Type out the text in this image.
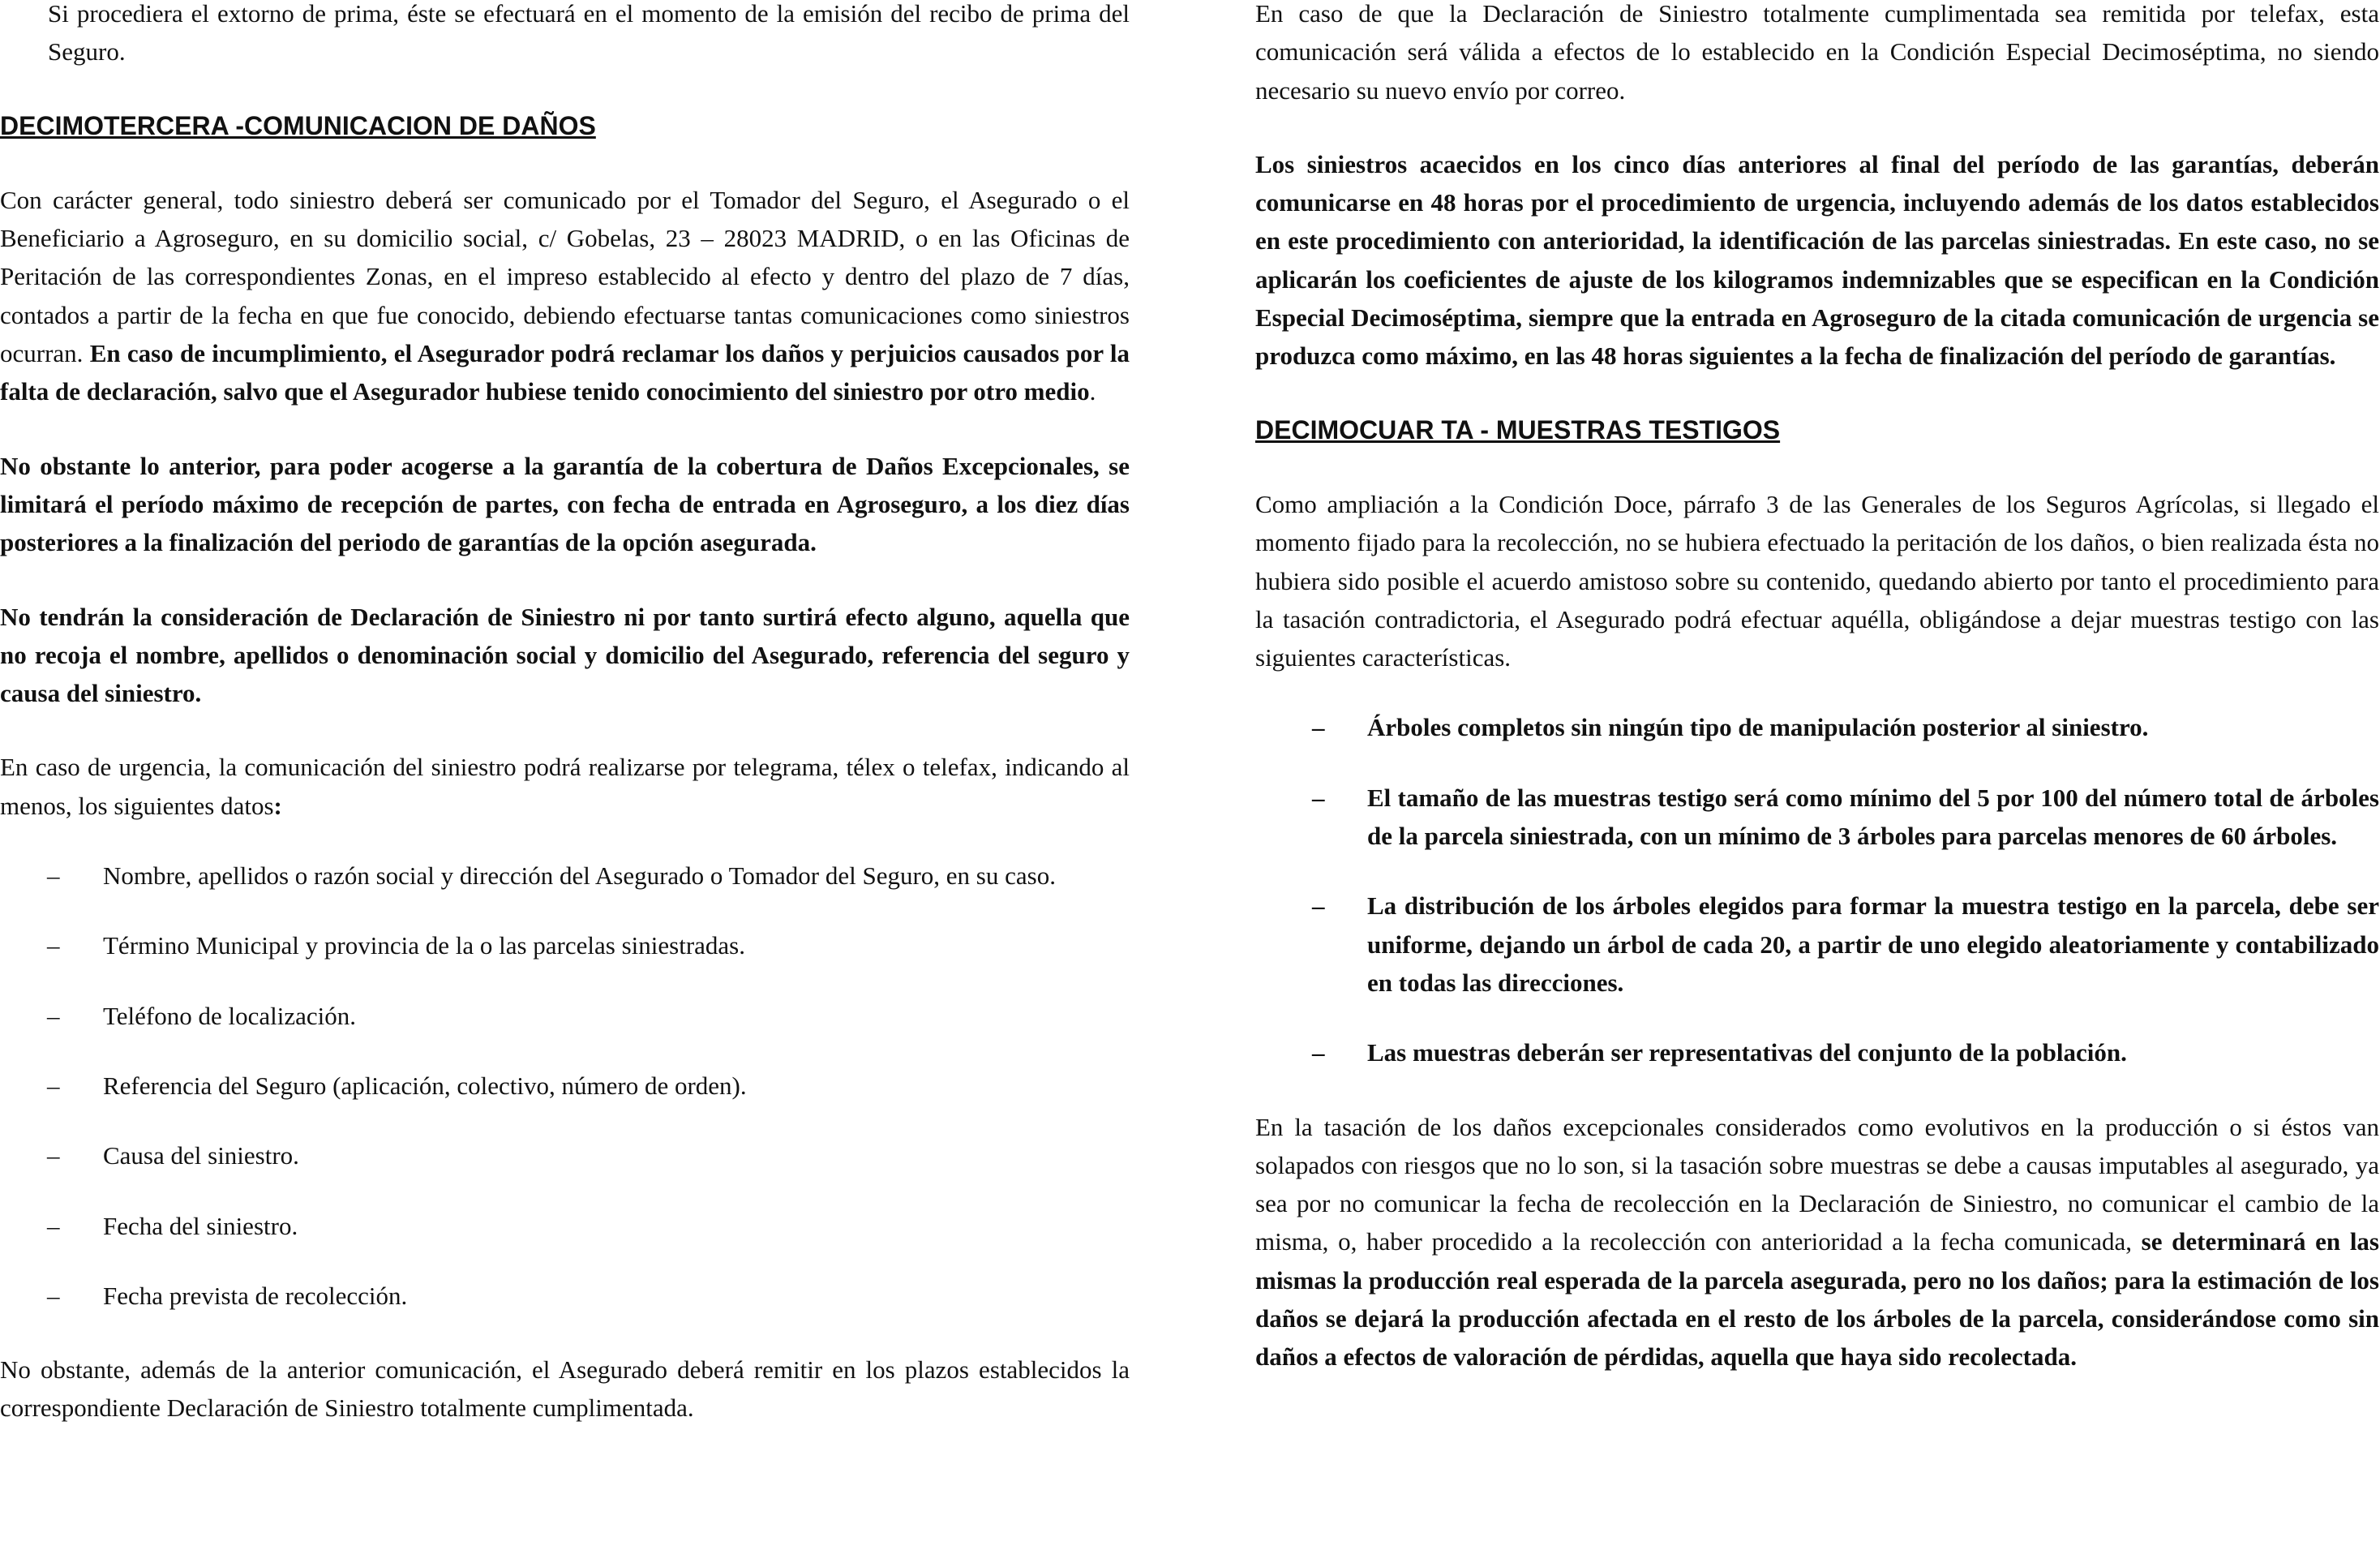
Si procediera el extorno de prima, éste se efectuará en el momento de la emisión del recibo de prima del Seguro.

DECIMOTERCERA -COMUNICACION DE DAÑOS

Con carácter general, todo siniestro deberá ser comunicado por el Tomador del Seguro, el Asegurado o el Beneficiario a Agroseguro, en su domicilio social, c/ Gobelas, 23 – 28023 MADRID, o en las Oficinas de Peritación de las correspondientes Zonas, en el impreso establecido al efecto y dentro del plazo de 7 días, contados a partir de la fecha en que fue conocido, debiendo efectuarse tantas comunicaciones como siniestros ocurran. En caso de incumplimiento, el Asegurador podrá reclamar los daños y perjuicios causados por la falta de declaración, salvo que el Asegurador hubiese tenido conocimiento del siniestro por otro medio.

No obstante lo anterior, para poder acogerse a la garantía de la cobertura de Daños Excepcionales, se limitará el período máximo de recepción de partes, con fecha de entrada en Agroseguro, a los diez días posteriores a la finalización del periodo de garantías de la opción asegurada.

No tendrán la consideración de Declaración de Siniestro ni por tanto surtirá efecto alguno, aquella que no recoja el nombre, apellidos o denominación social y domicilio del Asegurado, referencia del seguro y causa del siniestro.

En caso de urgencia, la comunicación del siniestro podrá realizarse por telegrama, télex o telefax, indicando al menos, los siguientes datos:

– Nombre, apellidos o razón social y dirección del Asegurado o Tomador del Seguro, en su caso.
– Término Municipal y provincia de la o las parcelas siniestradas.
– Teléfono de localización.
– Referencia del Seguro (aplicación, colectivo, número de orden).
– Causa del siniestro.
– Fecha del siniestro.
– Fecha prevista de recolección.

No obstante, además de la anterior comunicación, el Asegurado deberá remitir en los plazos establecidos la correspondiente Declaración de Siniestro totalmente cumplimentada.

En caso de que la Declaración de Siniestro totalmente cumplimentada sea remitida por telefax, esta comunicación será válida a efectos de lo establecido en la Condición Especial Decimoséptima, no siendo necesario su nuevo envío por correo.

Los siniestros acaecidos en los cinco días anteriores al final del período de las garantías, deberán comunicarse en 48 horas por el procedimiento de urgencia, incluyendo además de los datos establecidos en este procedimiento con anterioridad, la identificación de las parcelas siniestradas. En este caso, no se aplicarán los coeficientes de ajuste de los kilogramos indemnizables que se especifican en la Condición Especial Decimoséptima, siempre que la entrada en Agroseguro de la citada comunicación de urgencia se produzca como máximo, en las 48 horas siguientes a la fecha de finalización del período de garantías.

DECIMOCUAR TA - MUESTRAS TESTIGOS

Como ampliación a la Condición Doce, párrafo 3 de las Generales de los Seguros Agrícolas, si llegado el momento fijado para la recolección, no se hubiera efectuado la peritación de los daños, o bien realizada ésta no hubiera sido posible el acuerdo amistoso sobre su contenido, quedando abierto por tanto el procedimiento para la tasación contradictoria, el Asegurado podrá efectuar aquélla, obligándose a dejar muestras testigo con las siguientes características.

– Árboles completos sin ningún tipo de manipulación posterior al siniestro.
– El tamaño de las muestras testigo será como mínimo del 5 por 100 del número total de árboles de la parcela siniestrada, con un mínimo de 3 árboles para parcelas menores de 60 árboles.
– La distribución de los árboles elegidos para formar la muestra testigo en la parcela, debe ser uniforme, dejando un árbol de cada 20, a partir de uno elegido aleatoriamente y contabilizado en todas las direcciones.
– Las muestras deberán ser representativas del conjunto de la población.

En la tasación de los daños excepcionales considerados como evolutivos en la producción o si éstos van solapados con riesgos que no lo son, si la tasación sobre muestras se debe a causas imputables al asegurado, ya sea por no comunicar la fecha de recolección en la Declaración de Siniestro, no comunicar el cambio de la misma, o, haber procedido a la recolección con anterioridad a la fecha comunicada, se determinará en las mismas la producción real esperada de la parcela asegurada, pero no los daños; para la estimación de los daños se dejará la producción afectada en el resto de los árboles de la parcela, considerándose como sin daños a efectos de valoración de pérdidas, aquella que haya sido recolectada.
